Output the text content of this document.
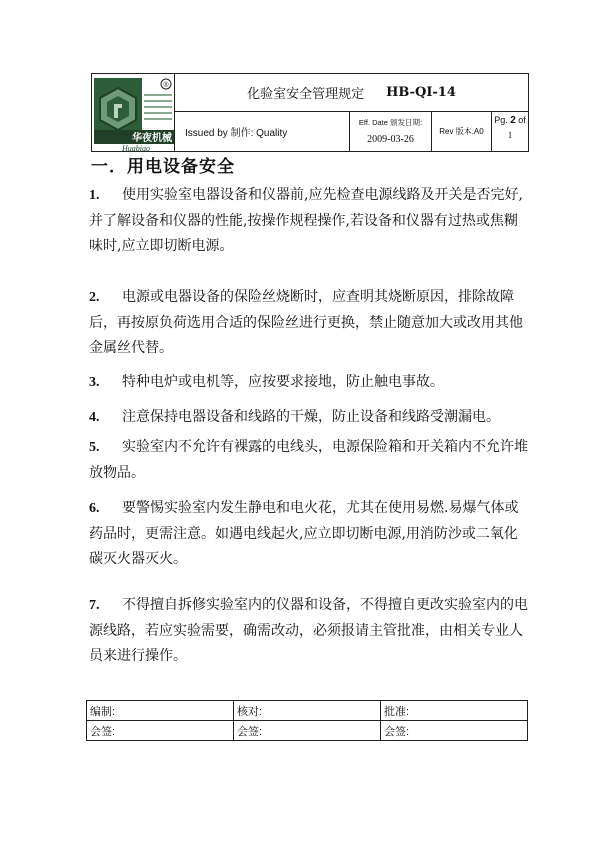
®
华夜机械
Huabiao
化验室安全管理规定 HB-QI-14
Issued by 制作: Quality
Eff. Date 颁发日期:
2009-03-26
Rev 版本.A0
Pg. 2 of
1
一．用电设备安全
1.	使用实验室电器设备和仪器前,应先检查电源线路及开关是否完好,并了解设备和仪器的性能,按操作规程操作,若设备和仪器有过热或焦糊味时,应立即切断电源。
2.	电源或电器设备的保险丝烧断时，应查明其烧断原因，排除故障后，再按原负荷选用合适的保险丝进行更换，禁止随意加大或改用其他金属丝代替。
3.	特种电炉或电机等，应按要求接地，防止触电事故。
4.	注意保持电器设备和线路的干燥，防止设备和线路受潮漏电。
5.	实验室内不允许有裸露的电线头，电源保险箱和开关箱内不允许堆放物品。
6.	要警惕实验室内发生静电和电火花，尤其在使用易燃.易爆气体或药品时，更需注意。如遇电线起火,应立即切断电源,用消防沙或二氧化碳灭火器灭火。
7.	不得擅自拆修实验室内的仪器和设备，不得擅自更改实验室内的电源线路，若应实验需要，确需改动，必须报请主管批准，由相关专业人员来进行操作。
编制:	核对:	批准:
会签:	会签:	会签:
